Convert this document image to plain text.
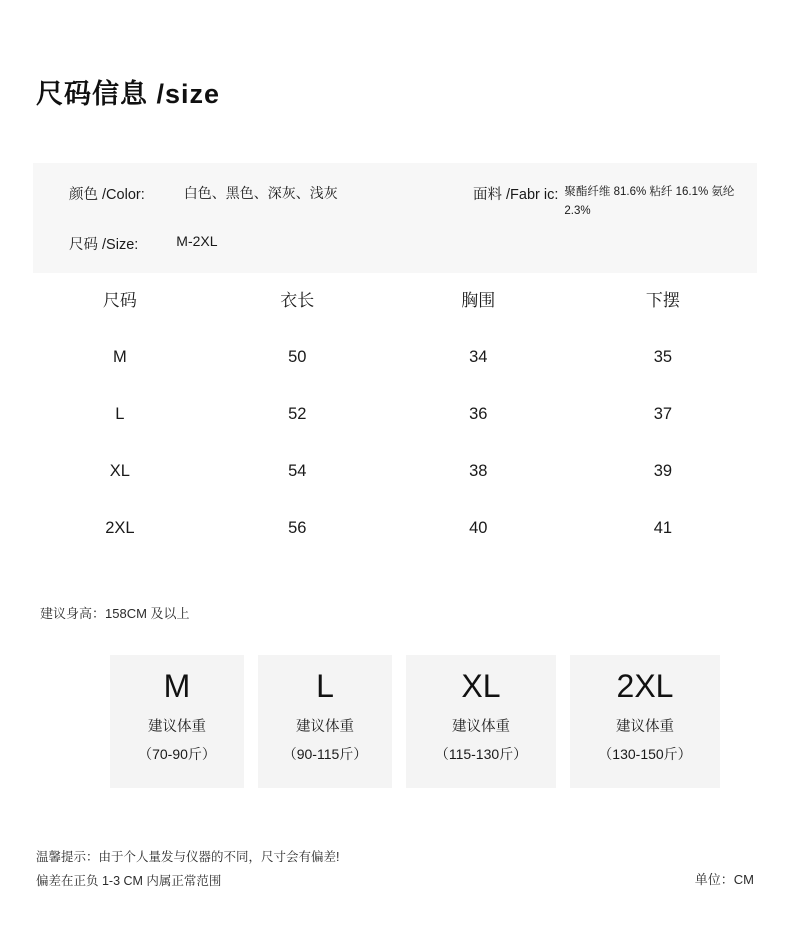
尺码信息 /size
颜色 /Color:	白色、黑色、深灰、浅灰
尺码 /Size:	M-2XL
面料 /Fabr ic: 聚酯纤维 81.6% 粘纤 16.1% 氨纶 2.3%
尺码	衣长	胸围	下摆
M	50	34	35
L	52	36	37
XL	54	38	39
2XL	56	40	41
建议身高：158CM 及以上
M
建议体重
（70-90斤）
L
建议体重
（90-115斤）
XL
建议体重
（115-130斤）
2XL
建议体重
（130-150斤）
温馨提示：由于个人量发与仪器的不同，尺寸会有偏差!
偏差在正负 1-3 CM 内属正常范围	单位：CM
